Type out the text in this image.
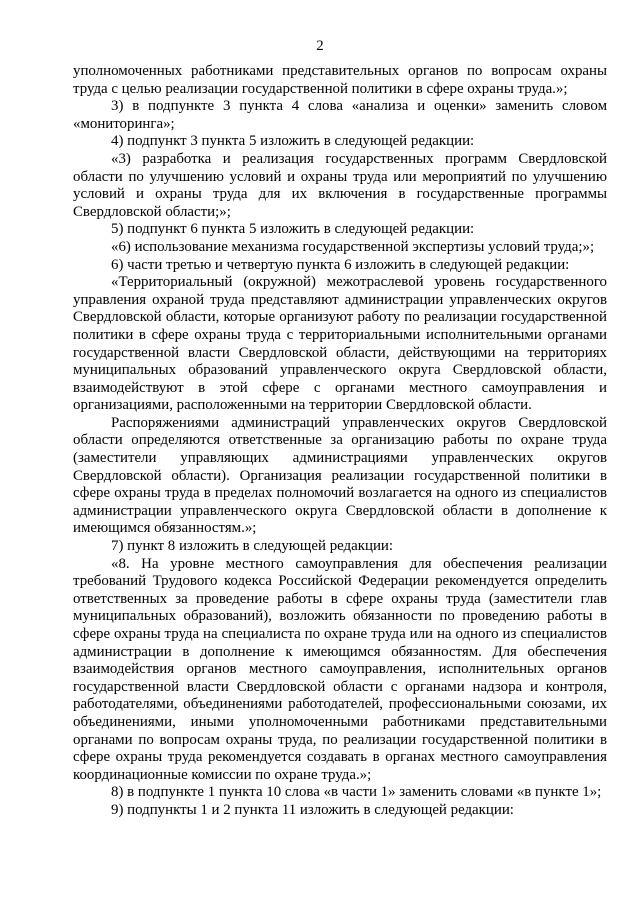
2

уполномоченных работниками представительных органов по вопросам охраны труда с целью реализации государственной политики в сфере охраны труда.»;

3) в подпункте 3 пункта 4 слова «анализа и оценки» заменить словом «мониторинга»;

4) подпункт 3 пункта 5 изложить в следующей редакции:

«3) разработка и реализация государственных программ Свердловской области по улучшению условий и охраны труда или мероприятий по улучшению условий и охраны труда для их включения в государственные программы Свердловской области;»;

5) подпункт 6 пункта 5 изложить в следующей редакции:

«6) использование механизма государственной экспертизы условий труда;»;

6) части третью и четвертую пункта 6 изложить в следующей редакции:

«Территориальный (окружной) межотраслевой уровень государственного управления охраной труда представляют администрации управленческих округов Свердловской области, которые организуют работу по реализации государственной политики в сфере охраны труда с территориальными исполнительными органами государственной власти Свердловской области, действующими на территориях муниципальных образований управленческого округа Свердловской области, взаимодействуют в этой сфере с органами местного самоуправления и организациями, расположенными на территории Свердловской области.

Распоряжениями администраций управленческих округов Свердловской области определяются ответственные за организацию работы по охране труда (заместители управляющих администрациями управленческих округов Свердловской области). Организация реализации государственной политики в сфере охраны труда в пределах полномочий возлагается на одного из специалистов администрации управленческого округа Свердловской области в дополнение к имеющимся обязанностям.»;

7) пункт 8 изложить в следующей редакции:

«8. На уровне местного самоуправления для обеспечения реализации требований Трудового кодекса Российской Федерации рекомендуется определить ответственных за проведение работы в сфере охраны труда (заместители глав муниципальных образований), возложить обязанности по проведению работы в сфере охраны труда на специалиста по охране труда или на одного из специалистов администрации в дополнение к имеющимся обязанностям. Для обеспечения взаимодействия органов местного самоуправления, исполнительных органов государственной власти Свердловской области с органами надзора и контроля, работодателями, объединениями работодателей, профессиональными союзами, их объединениями, иными уполномоченными работниками представительными органами по вопросам охраны труда, по реализации государственной политики в сфере охраны труда рекомендуется создавать в органах местного самоуправления координационные комиссии по охране труда.»;

8) в подпункте 1 пункта 10 слова «в части 1» заменить словами «в пункте 1»;

9) подпункты 1 и 2 пункта 11 изложить в следующей редакции:
